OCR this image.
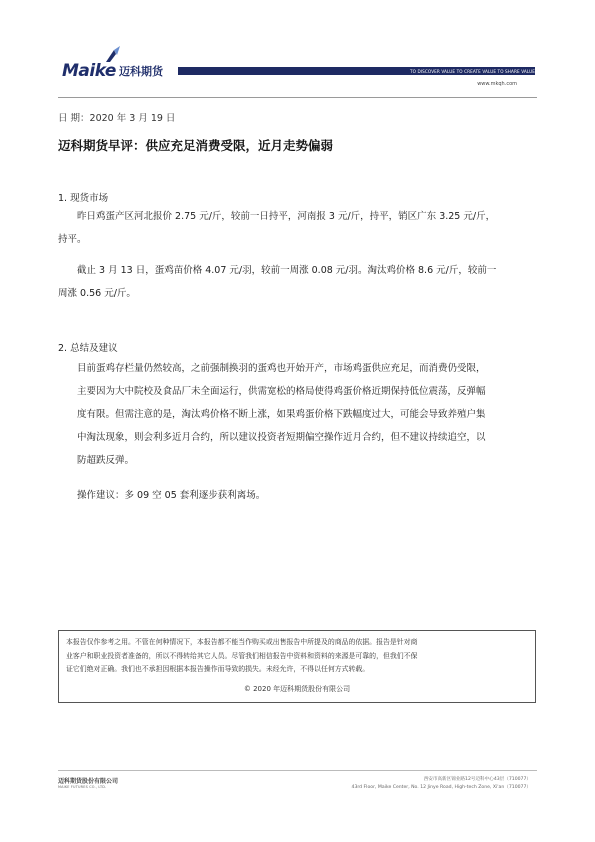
Maike 迈科期货	TO DISCOVER VALUE TO CREATE VALUE TO SHARE VALUE
www.mkqh.com
日 期：2020 年 3 月 19 日
迈科期货早评：供应充足消费受限，近月走势偏弱
1. 现货市场
昨日鸡蛋产区河北报价 2.75 元/斤，较前一日持平，河南报 3 元/斤，持平，销区广东 3.25 元/斤，
持平。
截止 3 月 13 日，蛋鸡苗价格 4.07 元/羽，较前一周涨 0.08 元/羽。淘汰鸡价格 8.6 元/斤，较前一
周涨 0.56 元/斤。
2. 总结及建议
目前蛋鸡存栏量仍然较高，之前强制换羽的蛋鸡也开始开产，市场鸡蛋供应充足，而消费仍受限，
主要因为大中院校及食品厂未全面运行，供需宽松的格局使得鸡蛋价格近期保持低位震荡，反弹幅
度有限。但需注意的是，淘汰鸡价格不断上涨，如果鸡蛋价格下跌幅度过大，可能会导致养殖户集
中淘汰现象，则会利多近月合约，所以建议投资者短期偏空操作近月合约，但不建议持续追空，以
防超跌反弹。
操作建议：多 09 空 05 套利逐步获利离场。
本报告仅作参考之用。不管在何种情况下，本报告都不能当作购买或出售报告中所提及的商品的依据。报告是针对商
业客户和职业投资者准备的，所以不得转给其它人员。尽管我们相信报告中资料和资料的来源是可靠的，但我们不保
证它们绝对正确。我们也不承担因根据本报告操作而导致的损失。未经允许，不得以任何方式转载。
© 2020 年迈科期货股份有限公司
迈科期货股份有限公司
MAIKE FUTURES CO., LTD.
西安市高新区锦业路12号迈科中心43层（710077）
43rd Floor, Maike Center, No. 12 Jinye Road, High-tech Zone, Xi'an（710077）
